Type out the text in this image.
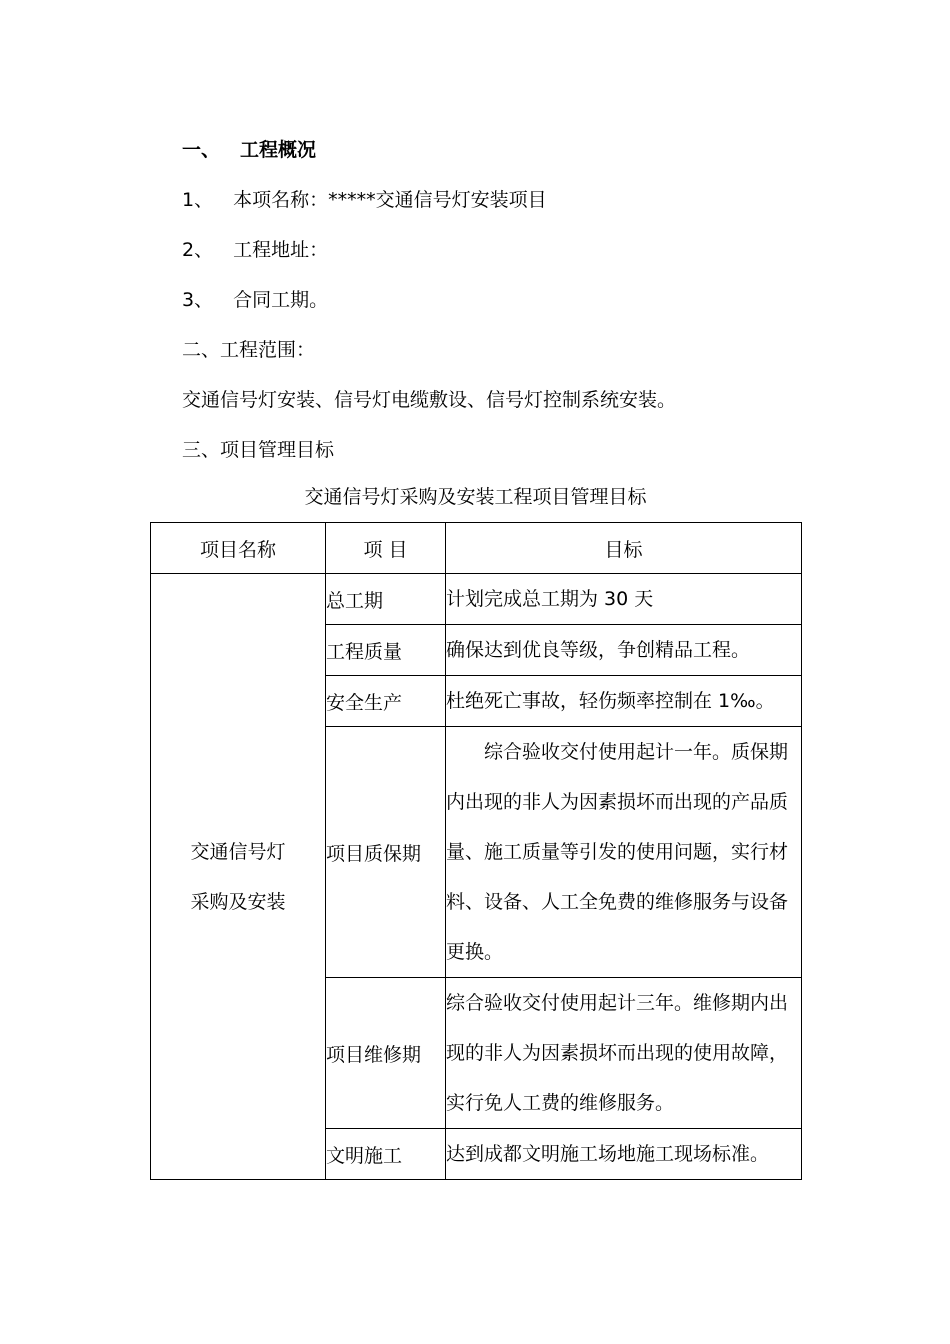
一、 工程概况
1、 本项名称：*****交通信号灯安装项目
2、 工程地址：
3、 合同工期。
二、工程范围：
交通信号灯安装、信号灯电缆敷设、信号灯控制系统安装。
三、项目管理目标
交通信号灯采购及安装工程项目管理目标
项目名称	项 目	目标

交通信号灯
采购及安装	总工期	计划完成总工期为 30 天
	工程质量	确保达到优良等级，争创精品工程。
	安全生产	杜绝死亡事故，轻伤频率控制在 1‰。
	项目质保期	综合验收交付使用起计一年。质保期内出现的非人为因素损坏而出现的产品质量、施工质量等引发的使用问题，实行材料、设备、人工全免费的维修服务与设备更换。
	项目维修期	综合验收交付使用起计三年。维修期内出现的非人为因素损坏而出现的使用故障，实行免人工费的维修服务。
	文明施工	达到成都文明施工场地施工现场标准。
